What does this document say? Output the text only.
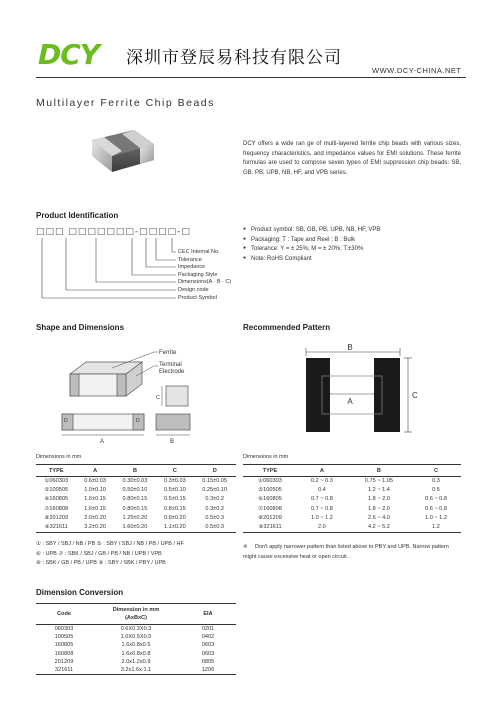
DCY 深圳市登辰易科技有限公司
WWW.DCY-CHINA.NET
Multilayer Ferrite Chip Beads
DCY offers a wide ran ge of multi-layered ferrite chip beads with various sizes, frequency characteristics, and impedance values for EMI solutions. These ferrite formulas are used to compose seven types of EMI suppression chip beads: SB, GB, PB, UPB, NB, HF, and VPB series.
Product Identification
□□□ □□□□□□□-□□□□-□
CEC Internal No.
Tolerance
Impedance
Packaging Style
Dimensions(A · B · C)
Design code
Product Symbol
● Product symbol: SB, GB, PB, UPB, NB, HF, VPB
● Packaging: T : Tape and Reel ; B : Bulk
● Tolerance: Y = ± 25%; M = ± 20%; T:±30%
● Note: RoHS Compliant
Shape and Dimensions
Ferrite
Terminal
Electrode
D	D
A	B
C
Dimensions in mm
TYPE	A	B	C	D
①060303	0.6±0.03	0.30±0.03	0.3±0.03	0.15±0.05
⑤100505	1.0±0.10	0.50±0.10	0.5±0.10	0.25±0.10
⑥160805	1.6±0.15	0.80±0.15	0.5±0.15	0.3±0.2
⑦160808	1.6±0.15	0.80±0.15	0.8±0.15	0.3±0.2
⑧201209	2.0±0.20	1.25±0.20	0.9±0.20	0.5±0.3
⑨321611	3.2±0.20	1.60±0.20	1.1±0.20	0.5±0.3
① : SBY / SBJ / NB / PB ⑤ : SBY / SBJ / NB / PB / UPB / HF
⑥ : UPB ⑦ : SBK / SBJ / GB / PB / NB / UPB / VPB
⑧ : SBK / GB / PB / UPB ⑨ : SBY / SBK / PBY / UPB
Recommended Pattern
B
A
C
Dimensions in mm
TYPE	A	B	C
①060303	0.2 ~ 0.3	0.75 ~ 1.05	0.3
⑤100505	0.4	1.2 ~ 1.4	0.5
⑥160805	0.7 ~ 0.8	1.8 ~ 2.0	0.6 ~ 0.8
⑦160808	0.7 ~ 0.8	1.8 ~ 2.0	0.6 ~ 0.8
⑧201209	1.0 ~ 1.2	2.6 ~ 4.0	1.0 ~ 1.2
⑨321611	2.0	4.2 ~ 5.2	1.2
※ Don't apply narrower pattern than listed above to PBY and UPB. Narrow pattern might cause excessive heat or open circuit.
Dimension Conversion
Code	Dimension in mm
(AxBxC)	EIA
060303	0.6X0.3X0.3	0201
100505	1.0X0.5X0.5	0402
160805	1.6x0.8x0.5	0603
160808	1.6x0.8x0.8	0603
201209	2.0x1.2x0.9	0805
321611	3.2x1.6x.1.1	1206
